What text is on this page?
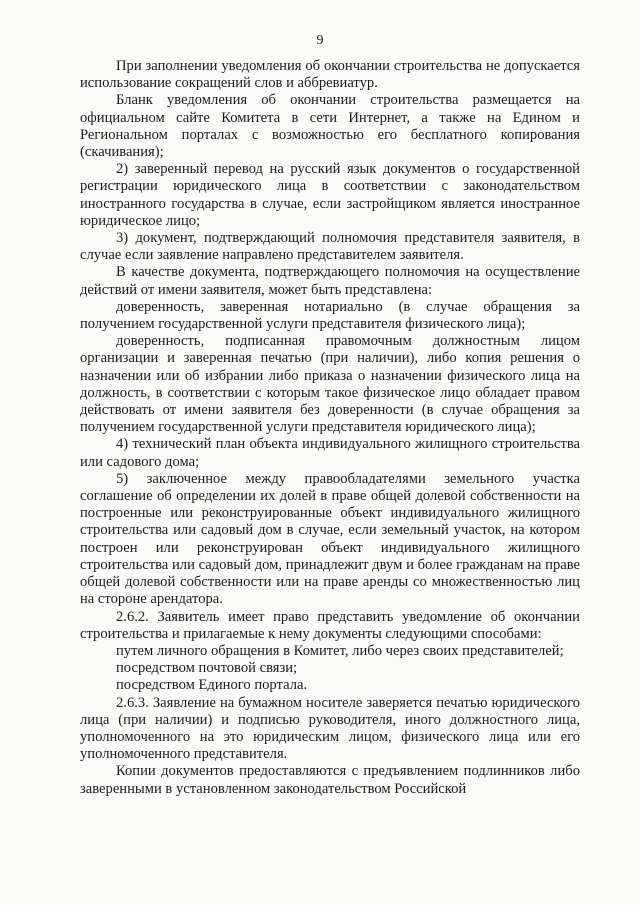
9

При заполнении уведомления об окончании строительства не допускается использование сокращений слов и аббревиатур.

Бланк уведомления об окончании строительства размещается на официальном сайте Комитета в сети Интернет, а также на Едином и Региональном порталах с возможностью его бесплатного копирования (скачивания);

2) заверенный перевод на русский язык документов о государственной регистрации юридического лица в соответствии с законодательством иностранного государства в случае, если застройщиком является иностранное юридическое лицо;

3) документ, подтверждающий полномочия представителя заявителя, в случае если заявление направлено представителем заявителя.

В качестве документа, подтверждающего полномочия на осуществление действий от имени заявителя, может быть представлена:

доверенность, заверенная нотариально (в случае обращения за получением государственной услуги представителя физического лица);

доверенность, подписанная правомочным должностным лицом организации и заверенная печатью (при наличии), либо копия решения о назначении или об избрании либо приказа о назначении физического лица на должность, в соответствии с которым такое физическое лицо обладает правом действовать от имени заявителя без доверенности (в случае обращения за получением государственной услуги представителя юридического лица);

4) технический план объекта индивидуального жилищного строительства или садового дома;

5) заключенное между правообладателями земельного участка соглашение об определении их долей в праве общей долевой собственности на построенные или реконструированные объект индивидуального жилищного строительства или садовый дом в случае, если земельный участок, на котором построен или реконструирован объект индивидуального жилищного строительства или садовый дом, принадлежит двум и более гражданам на праве общей долевой собственности или на праве аренды со множественностью лиц на стороне арендатора.

2.6.2. Заявитель имеет право представить уведомление об окончании строительства и прилагаемые к нему документы следующими способами:

путем личного обращения в Комитет, либо через своих представителей;

посредством почтовой связи;

посредством Единого портала.

2.6.3. Заявление на бумажном носителе заверяется печатью юридического лица (при наличии) и подписью руководителя, иного должностного лица, уполномоченного на это юридическим лицом, физического лица или его уполномоченного представителя.

Копии документов предоставляются с предъявлением подлинников либо заверенными в установленном законодательством Российской
